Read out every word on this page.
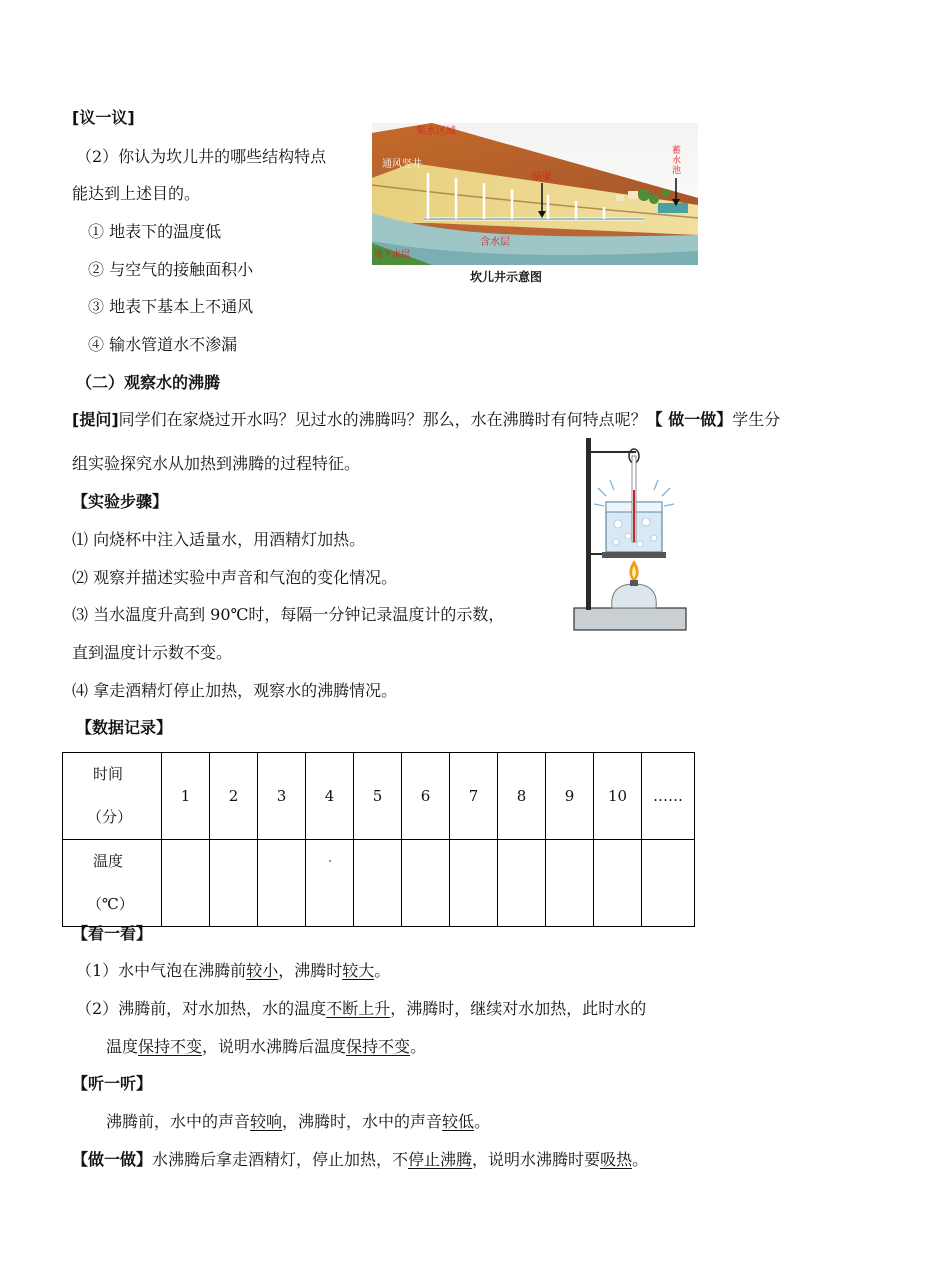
[议一议]
（2）你认为坎儿井的哪些结构特点
能达到上述目的。
① 地表下的温度低
② 与空气的接触面积小
③ 地表下基本上不通风
④ 输水管道水不渗漏
集水区域
通风竖井
暗渠
蓄
水
池
含水层
地下水层
坎儿井示意图
（二）观察水的沸腾
[提问]同学们在家烧过开水吗？见过水的沸腾吗？那么，水在沸腾时有何特点呢？【 做一做】学生分
组实验探究水从加热到沸腾的过程特征。
【实验步骤】
⑴ 向烧杯中注入适量水，用酒精灯加热。
⑵ 观察并描述实验中声音和气泡的变化情况。
⑶ 当水温度升高到 90℃时，每隔一分钟记录温度计的示数，
直到温度计示数不变。
⑷ 拿走酒精灯停止加热，观察水的沸腾情况。
【数据记录】
时间
（分）	1	2	3	4	5	6	7	8	9	10	……

温度
（℃）											

【看一看】
（1）水中气泡在沸腾前较小，沸腾时较大。
（2）沸腾前，对水加热，水的温度不断上升，沸腾时，继续对水加热，此时水的
温度保持不变，说明水沸腾后温度保持不变。
【听一听】
沸腾前，水中的声音较响，沸腾时，水中的声音较低。
【做一做】水沸腾后拿走酒精灯，停止加热，不停止沸腾，说明水沸腾时要吸热。
